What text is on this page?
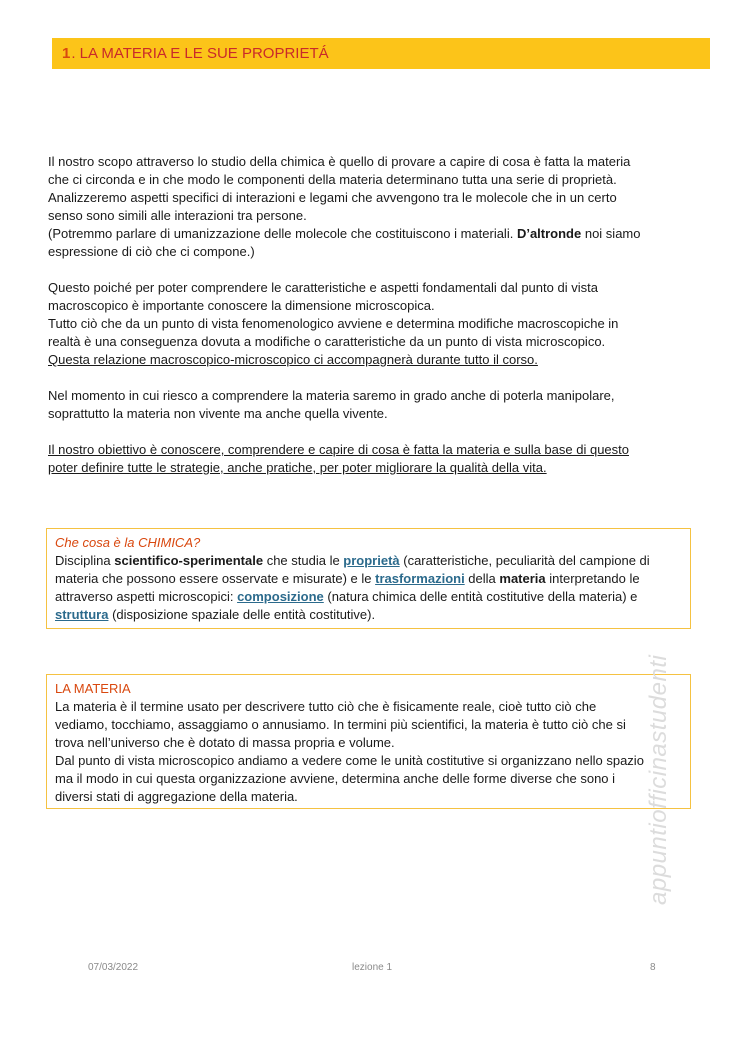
1 . LA MATERIA E LE SUE PROPRIETÁ

Il nostro scopo attraverso lo studio della chimica è quello di provare a capire di cosa è fatta la materia
che ci circonda e in che modo le componenti della materia determinano tutta una serie di proprietà.
Analizzeremo aspetti specifici di interazioni e legami che avvengono tra le molecole che in un certo
senso sono simili alle interazioni tra persone.
(Potremmo parlare di umanizzazione delle molecole che costituiscono i materiali. D’altronde noi siamo
espressione di ciò che ci compone.)

Questo poiché per poter comprendere le caratteristiche e aspetti fondamentali dal punto di vista
macroscopico è importante conoscere la dimensione microscopica.
Tutto ciò che da un punto di vista fenomenologico avviene e determina modifiche macroscopiche in
realtà è una conseguenza dovuta a modifiche o caratteristiche da un punto di vista microscopico.
Questa relazione macroscopico-microscopico ci accompagnerà durante tutto il corso.

Nel momento in cui riesco a comprendere la materia saremo in grado anche di poterla manipolare,
soprattutto la materia non vivente ma anche quella vivente.

Il nostro obiettivo è conoscere, comprendere e capire di cosa è fatta la materia e sulla base di questo
poter definire tutte le strategie, anche pratiche, per poter migliorare la qualità della vita.

Che cosa è la CHIMICA?
Disciplina scientifico-sperimentale che studia le proprietà (caratteristiche, peculiarità del campione di
materia che possono essere osservate e misurate) e le trasformazioni della materia interpretando le
attraverso aspetti microscopici: composizione (natura chimica delle entità costitutive della materia) e
struttura (disposizione spaziale delle entità costitutive).
LA MATERIA
La materia è il termine usato per descrivere tutto ciò che è fisicamente reale, cioè tutto ciò che
vediamo, tocchiamo, assaggiamo o annusiamo. In termini più scientifici, la materia è tutto ciò che si
trova nell’universo che è dotato di massa propria e volume.
Dal punto di vista microscopico andiamo a vedere come le unità costitutive si organizzano nello spazio
ma il modo in cui questa organizzazione avviene, determina anche delle forme diverse che sono i
diversi stati di aggregazione della materia.	appuntiofficinastudenti
07/03/2022	lezione 1	8
